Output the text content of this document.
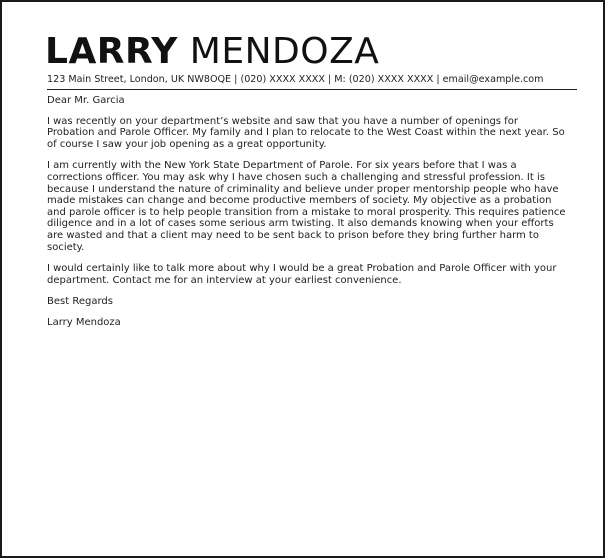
LARRY MENDOZA
123 Main Street, London, UK NW8OQE | (020) XXXX XXXX | M: (020) XXXX XXXX | email@example.com

Dear Mr. Garcia

I was recently on your department’s website and saw that you have a number of openings for Probation and Parole Officer. My family and I plan to relocate to the West Coast within the next year. So of course I saw your job opening as a great opportunity.

I am currently with the New York State Department of Parole. For six years before that I was a corrections officer. You may ask why I have chosen such a challenging and stressful profession. It is because I understand the nature of criminality and believe under proper mentorship people who have made mistakes can change and become productive members of society. My objective as a probation and parole officer is to help people transition from a mistake to moral prosperity. This requires patience diligence and in a lot of cases some serious arm twisting. It also demands knowing when your efforts are wasted and that a client may need to be sent back to prison before they bring further harm to society.

I would certainly like to talk more about why I would be a great Probation and Parole Officer with your department. Contact me for an interview at your earliest convenience.

Best Regards

Larry Mendoza
